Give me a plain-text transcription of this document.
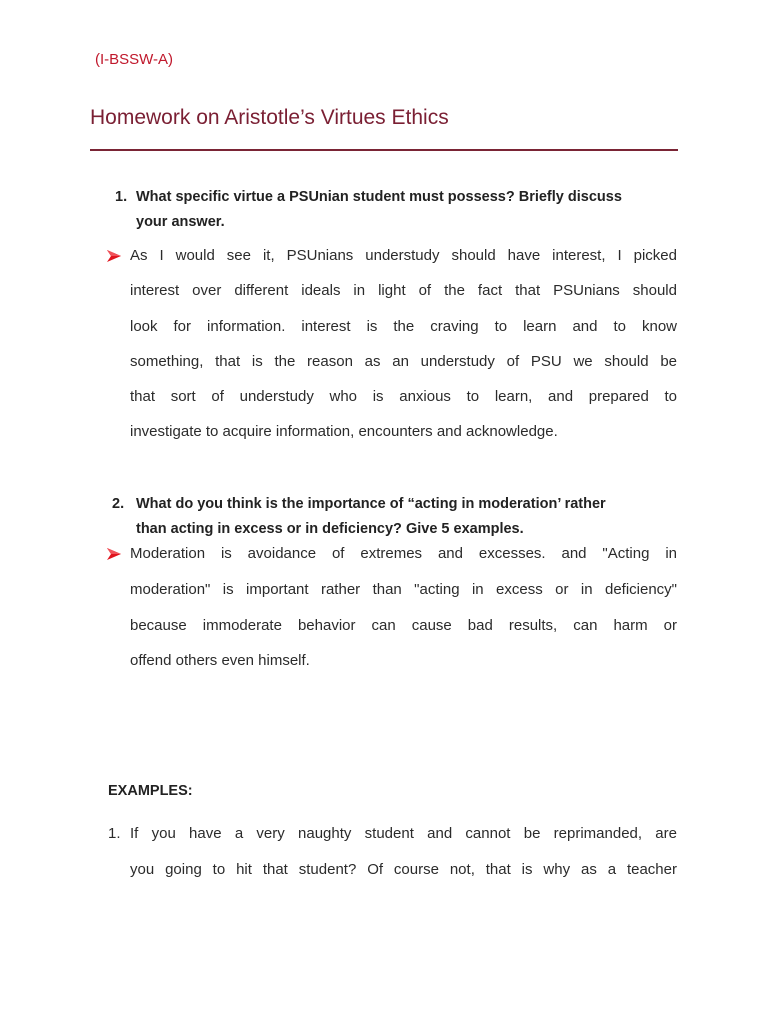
(I-BSSW-A)
Homework on Aristotle’s Virtues Ethics
1. What specific virtue a PSUnian student must possess? Briefly discuss
your answer.
As I would see it, PSUnians understudy should have interest, I picked
interest over different ideals in light of the fact that PSUnians should
look for information. interest is the craving to learn and to know
something, that is the reason as an understudy of PSU we should be
that sort of understudy who is anxious to learn, and prepared to
investigate to acquire information, encounters and acknowledge.
2. What do you think is the importance of “acting in moderation’ rather
than acting in excess or in deficiency? Give 5 examples.
Moderation is avoidance of extremes and excesses. and "Acting in
moderation" is important rather than "acting in excess or in deficiency"
because immoderate behavior can cause bad results, can harm or
offend others even himself.
EXAMPLES:
1. If you have a very naughty student and cannot be reprimanded, are
you going to hit that student? Of course not, that is why as a teacher
